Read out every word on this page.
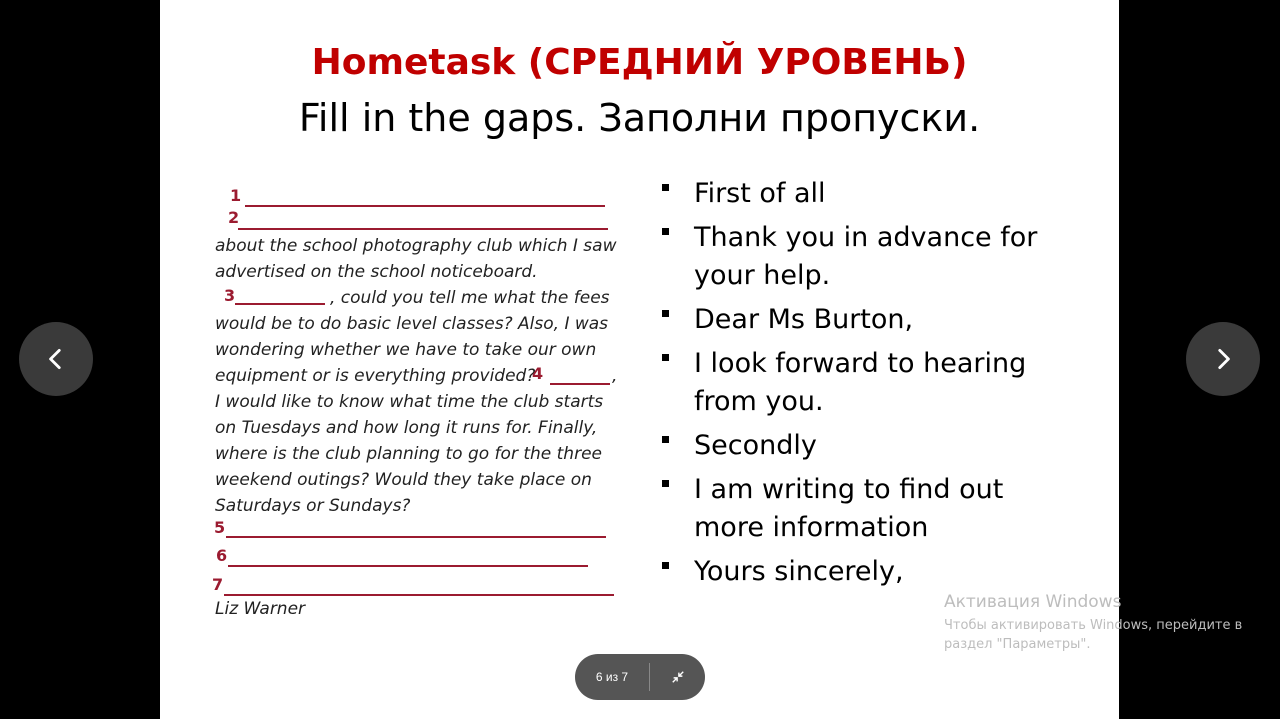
Hometask (СРЕДНИЙ УРОВЕНЬ)
Fill in the gaps. Заполни пропуски.
1
2
about the school photography club which I saw
advertised on the school noticeboard.
3	, could you tell me what the fees
would be to do basic level classes? Also, I was
wondering whether we have to take our own
equipment or is everything provided?
4	,
I would like to know what time the club starts
on Tuesdays and how long it runs for. Finally,
where is the club planning to go for the three
weekend outings? Would they take place on
Saturdays or Sundays?
5
6
7
Liz Warner
First of all
Thank you in advance for your help.
Dear Ms Burton,
I look forward to hearing from you.
Secondly
I am writing to find out more information
Yours sincerely,
6 из 7
Активация Windows
Чтобы активировать Windows, перейдите в раздел "Параметры".
